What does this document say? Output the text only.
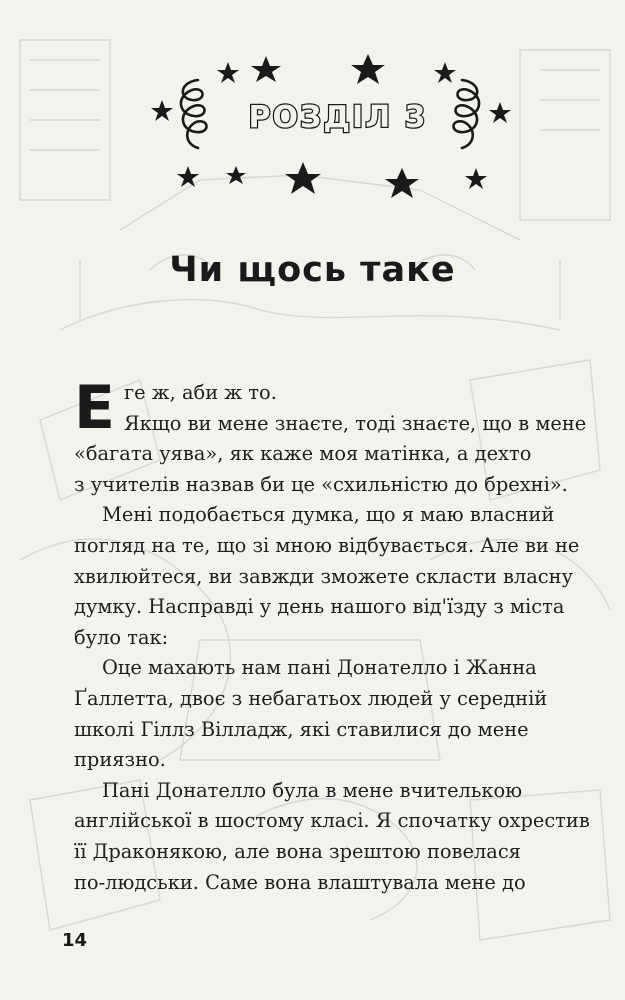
РОЗДІЛ 3
Чи щось таке
Е ге ж, аби ж то.
Якщо ви мене знаєте, тоді знаєте, що в мене
«багата уява», як каже моя матінка, а дехто
з учителів назвав би це «схильністю до брехні».
Мені подобається думка, що я маю власний
погляд на те, що зі мною відбувається. Але ви не
хвилюйтеся, ви завжди зможете скласти власну
думку. Насправді у день нашого від'їзду з міста
було так:
Оце махають нам пані Донателло і Жанна
Ґаллетта, двоє з небагатьох людей у середній
школі Гіллз Вілладж, які ставилися до мене
приязно.
Пані Донателло була в мене вчителькою
англійської в шостому класі. Я спочатку охрестив
її Драконякою, але вона зрештою повелася
по-людськи. Саме вона влаштувала мене до
14
